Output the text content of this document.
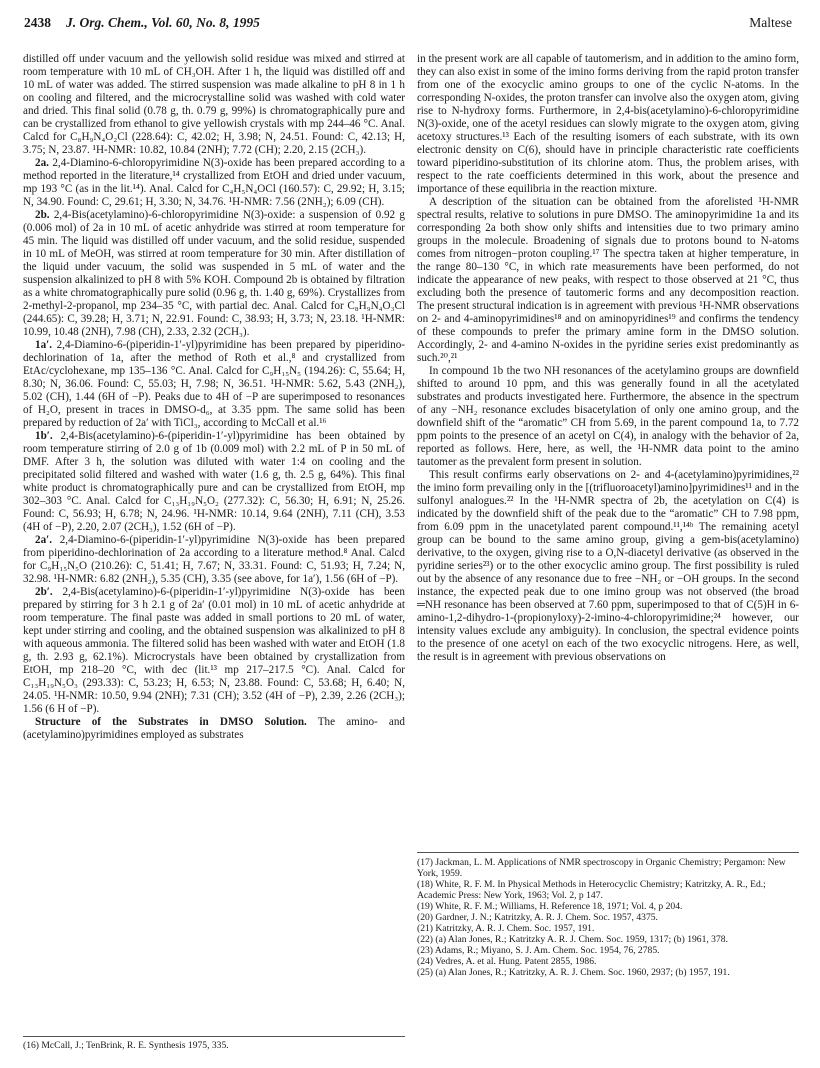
2438 J. Org. Chem., Vol. 60, No. 8, 1995	Maltese

distilled off under vacuum and the yellowish solid residue was mixed and stirred at room temperature with 10 mL of CH₃OH. After 1 h, the liquid was distilled off and 10 mL of water was added. The stirred suspension was made alkaline to pH 8 in 1 h on cooling and filtered, and the microcrystalline solid was washed with cold water and dried. This final solid (0.78 g, th. 0.79 g, 99%) is chromatographically pure and can be crystallized from ethanol to give yellowish crystals with mp 244–46 °C. Anal. Calcd for C₈H₉N₄O₂Cl (228.64): C, 42.02; H, 3.98; N, 24.51. Found: C, 42.13; H, 3.75; N, 23.87. ¹H-NMR: 10.82, 10.84 (2NH); 7.72 (CH); 2.20, 2.15 (2CH₃).

2a. 2,4-Diamino-6-chloropyrimidine N(3)-oxide has been prepared according to a method reported in the literature,¹⁴ crystallized from EtOH and dried under vacuum, mp 193 °C (as in the lit.¹⁴). Anal. Calcd for C₄H₅N₄OCl (160.57): C, 29.92; H, 3.15; N, 34.90. Found: C, 29.61; H, 3.30; N, 34.76. ¹H-NMR: 7.56 (2NH₂); 6.09 (CH).

2b. 2,4-Bis(acetylamino)-6-chloropyrimidine N(3)-oxide: a suspension of 0.92 g (0.006 mol) of 2a in 10 mL of acetic anhydride was stirred at room temperature for 45 min. The liquid was distilled off under vacuum, and the solid residue, suspended in 10 mL of MeOH, was stirred at room temperature for 30 min. After distillation of the liquid under vacuum, the solid was suspended in 5 mL of water and the suspension alkalinized to pH 8 with 5% KOH. Compound 2b is obtained by filtration as a white chromatographically pure solid (0.96 g, th. 1.40 g, 69%). Crystallizes from 2-methyl-2-propanol, mp 234–35 °C, with partial dec. Anal. Calcd for C₈H₉N₄O₃Cl (244.65): C, 39.28; H, 3.71; N, 22.91. Found: C, 38.93; H, 3.73; N, 23.18. ¹H-NMR: 10.99, 10.48 (2NH), 7.98 (CH), 2.33, 2.32 (2CH₃).

1a′. 2,4-Diamino-6-(piperidin-1′-yl)pyrimidine has been prepared by piperidino-dechlorination of 1a, after the method of Roth et al.,⁸ and crystallized from EtAc/cyclohexane, mp 135–136 °C. Anal. Calcd for C₉H₁₅N₅ (194.26): C, 55.64; H, 8.30; N, 36.06. Found: C, 55.03; H, 7.98; N, 36.51. ¹H-NMR: 5.62, 5.43 (2NH₂), 5.02 (CH), 1.44 (6H of −P). Peaks due to 4H of −P are superimposed to resonances of H₂O, present in traces in DMSO-d₆, at 3.35 ppm. The same solid has been prepared by reduction of 2a′ with TiCl₃, according to McCall et al.¹⁶

1b′. 2,4-Bis(acetylamino)-6-(piperidin-1′-yl)pyrimidine has been obtained by room temperature stirring of 2.0 g of 1b (0.009 mol) with 2.2 mL of P in 50 mL of DMF. After 3 h, the solution was diluted with water 1:4 on cooling and the precipitated solid filtered and washed with water (1.6 g, th. 2.5 g, 64%). This final white product is chromatographically pure and can be crystallized from EtOH, mp 302–303 °C. Anal. Calcd for C₁₃H₁₉N₅O₂ (277.32): C, 56.30; H, 6.91; N, 25.26. Found: C, 56.93; H, 6.78; N, 24.96. ¹H-NMR: 10.14, 9.64 (2NH), 7.11 (CH), 3.53 (4H of −P), 2.20, 2.07 (2CH₃), 1.52 (6H of −P).

2a′. 2,4-Diamino-6-(piperidin-1′-yl)pyrimidine N(3)-oxide has been prepared from piperidino-dechlorination of 2a according to a literature method.⁸ Anal. Calcd for C₉H₁₅N₅O (210.26): C, 51.41; H, 7.67; N, 33.31. Found: C, 51.93; H, 7.24; N, 32.98. ¹H-NMR: 6.82 (2NH₂), 5.35 (CH), 3.35 (see above, for 1a′), 1.56 (6H of −P).

2b′. 2,4-Bis(acetylamino)-6-(piperidin-1′-yl)pyrimidine N(3)-oxide has been prepared by stirring for 3 h 2.1 g of 2a′ (0.01 mol) in 10 mL of acetic anhydride at room temperature. The final paste was added in small portions to 20 mL of water, kept under stirring and cooling, and the obtained suspension was alkalinized to pH 8 with aqueous ammonia. The filtered solid has been washed with water and EtOH (1.8 g, th. 2.93 g, 62.1%). Microcrystals have been obtained by crystallization from EtOH, mp 218–20 °C, with dec (lit.¹³ mp 217–217.5 °C). Anal. Calcd for C₁₃H₁₉N₅O₃ (293.33): C, 53.23; H, 6.53; N, 23.88. Found: C, 53.68; H, 6.40; N, 24.05. ¹H-NMR: 10.50, 9.94 (2NH); 7.31 (CH); 3.52 (4H of −P), 2.39, 2.26 (2CH₃); 1.56 (6 H of −P).

Structure of the Substrates in DMSO Solution. The amino- and (acetylamino)pyrimidines employed as substrates

in the present work are all capable of tautomerism, and in addition to the amino form, they can also exist in some of the imino forms deriving from the rapid proton transfer from one of the exocyclic amino groups to one of the cyclic N-atoms. In the corresponding N-oxides, the proton transfer can involve also the oxygen atom, giving rise to N-hydroxy forms. Furthermore, in 2,4-bis(acetylamino)-6-chloropyrimidine N(3)-oxide, one of the acetyl residues can slowly migrate to the oxygen atom, giving acetoxy structures.¹³ Each of the resulting isomers of each substrate, with its own electronic density on C(6), should have in principle characteristic rate coefficients toward piperidino-substitution of its chlorine atom. Thus, the problem arises, with respect to the rate coefficients determined in this work, about the presence and importance of these equilibria in the reaction mixture.

A description of the situation can be obtained from the aforelisted ¹H-NMR spectral results, relative to solutions in pure DMSO. The aminopyrimidine 1a and its corresponding 2a both show only shifts and intensities due to two primary amino groups in the molecule. Broadening of signals due to protons bound to N-atoms comes from nitrogen−proton coupling.¹⁷ The spectra taken at higher temperature, in the range 80–130 °C, in which rate measurements have been performed, do not indicate the appearance of new peaks, with respect to those observed at 21 °C, thus excluding both the presence of tautomeric forms and any decomposition reaction. The present structural indication is in agreement with previous ¹H-NMR observations on 2- and 4-aminopyrimidines¹⁸ and on aminopyridines¹⁹ and confirms the tendency of these compounds to prefer the primary amine form in the DMSO solution. Accordingly, 2- and 4-amino N-oxides in the pyridine series exist predominantly as such.²⁰,²¹

In compound 1b the two NH resonances of the acetylamino groups are downfield shifted to around 10 ppm, and this was generally found in all the acetylated substrates and products investigated here. Furthermore, the absence in the spectrum of any −NH₂ resonance excludes bisacetylation of only one amino group, and the downfield shift of the “aromatic” CH from 5.69, in the parent compound 1a, to 7.72 ppm points to the presence of an acetyl on C(4), in analogy with the behavior of 2a, reported as follows. Here, here, as well, the ¹H-NMR data point to the amino tautomer as the prevalent form present in solution.

This result confirms early observations on 2- and 4-(acetylamino)pyrimidines,²² the imino form prevailing only in the [(trifluoroacetyl)amino]pyrimidines¹¹ and in the sulfonyl analogues.²² In the ¹H-NMR spectra of 2b, the acetylation on C(4) is indicated by the downfield shift of the peak due to the “aromatic” CH to 7.98 ppm, from 6.09 ppm in the unacetylated parent compound.¹¹,¹⁴ᵇ The remaining acetyl group can be bound to the same amino group, giving a gem-bis(acetylamino) derivative, to the oxygen, giving rise to a O,N-diacetyl derivative (as observed in the pyridine series²³) or to the other exocyclic amino group. The first possibility is ruled out by the absence of any resonance due to free −NH₂ or −OH groups. In the second instance, the expected peak due to one imino group was not observed (the broad ═NH resonance has been observed at 7.60 ppm, superimposed to that of C(5)H in 6-amino-1,2-dihydro-1-(propionyloxy)-2-imino-4-chloropyrimidine;²⁴ however, our intensity values exclude any ambiguity). In conclusion, the spectral evidence points to the presence of one acetyl on each of the two exocyclic nitrogens. Here, as well, the result is in agreement with previous observations on

(17) Jackman, L. M. Applications of NMR spectroscopy in Organic Chemistry; Pergamon: New York, 1959.

(18) White, R. F. M. In Physical Methods in Heterocyclic Chemistry; Katritzky, A. R., Ed.; Academic Press: New York, 1963; Vol. 2, p 147.

(19) White, R. F. M.; Williams, H. Reference 18, 1971; Vol. 4, p 204.

(20) Gardner, J. N.; Katritzky, A. R. J. Chem. Soc. 1957, 4375.

(21) Katritzky, A. R. J. Chem. Soc. 1957, 191.

(22) (a) Alan Jones, R.; Katritzky A. R. J. Chem. Soc. 1959, 1317; (b) 1961, 378.

(23) Adams, R.; Miyano, S. J. Am. Chem. Soc. 1954, 76, 2785.

(24) Vedres, A. et al. Hung. Patent 2855, 1986.

(25) (a) Alan Jones, R.; Katritzky, A. R. J. Chem. Soc. 1960, 2937; (b) 1957, 191.

(16) McCall, J.; TenBrink, R. E. Synthesis 1975, 335.
